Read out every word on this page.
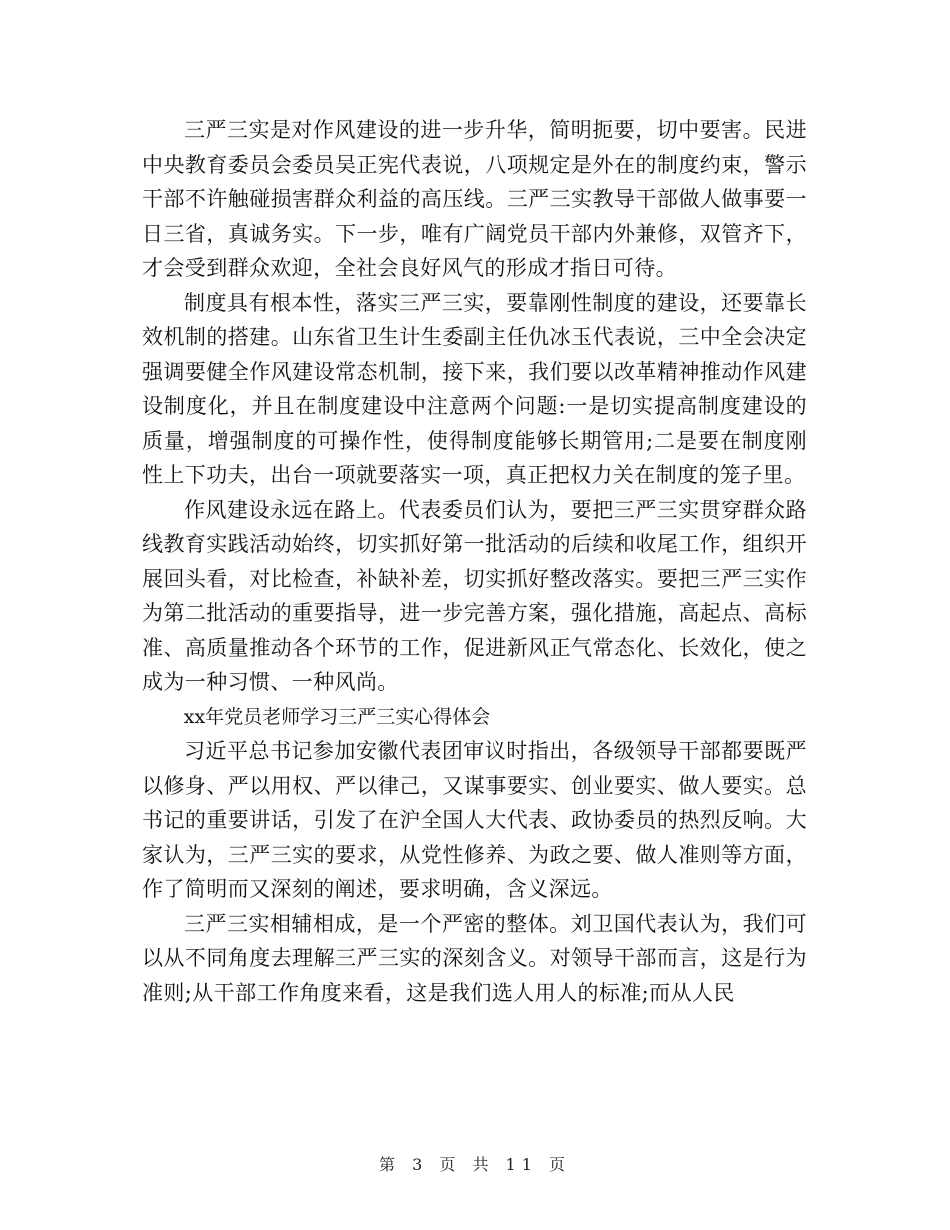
三严三实是对作风建设的进一步升华，简明扼要，切中要害。民进中央教育委员会委员吴正宪代表说，八项规定是外在的制度约束，警示干部不许触碰损害群众利益的高压线。三严三实教导干部做人做事要一日三省，真诚务实。下一步，唯有广阔党员干部内外兼修，双管齐下，才会受到群众欢迎，全社会良好风气的形成才指日可待。

制度具有根本性，落实三严三实，要靠刚性制度的建设，还要靠长效机制的搭建。山东省卫生计生委副主任仇冰玉代表说，三中全会决定强调要健全作风建设常态机制，接下来，我们要以改革精神推动作风建设制度化，并且在制度建设中注意两个问题:一是切实提高制度建设的质量，增强制度的可操作性，使得制度能够长期管用;二是要在制度刚性上下功夫，出台一项就要落实一项，真正把权力关在制度的笼子里。

作风建设永远在路上。代表委员们认为，要把三严三实贯穿群众路线教育实践活动始终，切实抓好第一批活动的后续和收尾工作，组织开展回头看，对比检查，补缺补差，切实抓好整改落实。要把三严三实作为第二批活动的重要指导，进一步完善方案，强化措施，高起点、高标准、高质量推动各个环节的工作，促进新风正气常态化、长效化，使之成为一种习惯、一种风尚。

xx年党员老师学习三严三实心得体会

习近平总书记参加安徽代表团审议时指出，各级领导干部都要既严以修身、严以用权、严以律己，又谋事要实、创业要实、做人要实。总书记的重要讲话，引发了在沪全国人大代表、政协委员的热烈反响。大家认为，三严三实的要求，从党性修养、为政之要、做人准则等方面，作了简明而又深刻的阐述，要求明确，含义深远。

三严三实相辅相成，是一个严密的整体。刘卫国代表认为，我们可以从不同角度去理解三严三实的深刻含义。对领导干部而言，这是行为准则;从干部工作角度来看，这是我们选人用人的标准;而从人民

第 3 页 共 11 页
